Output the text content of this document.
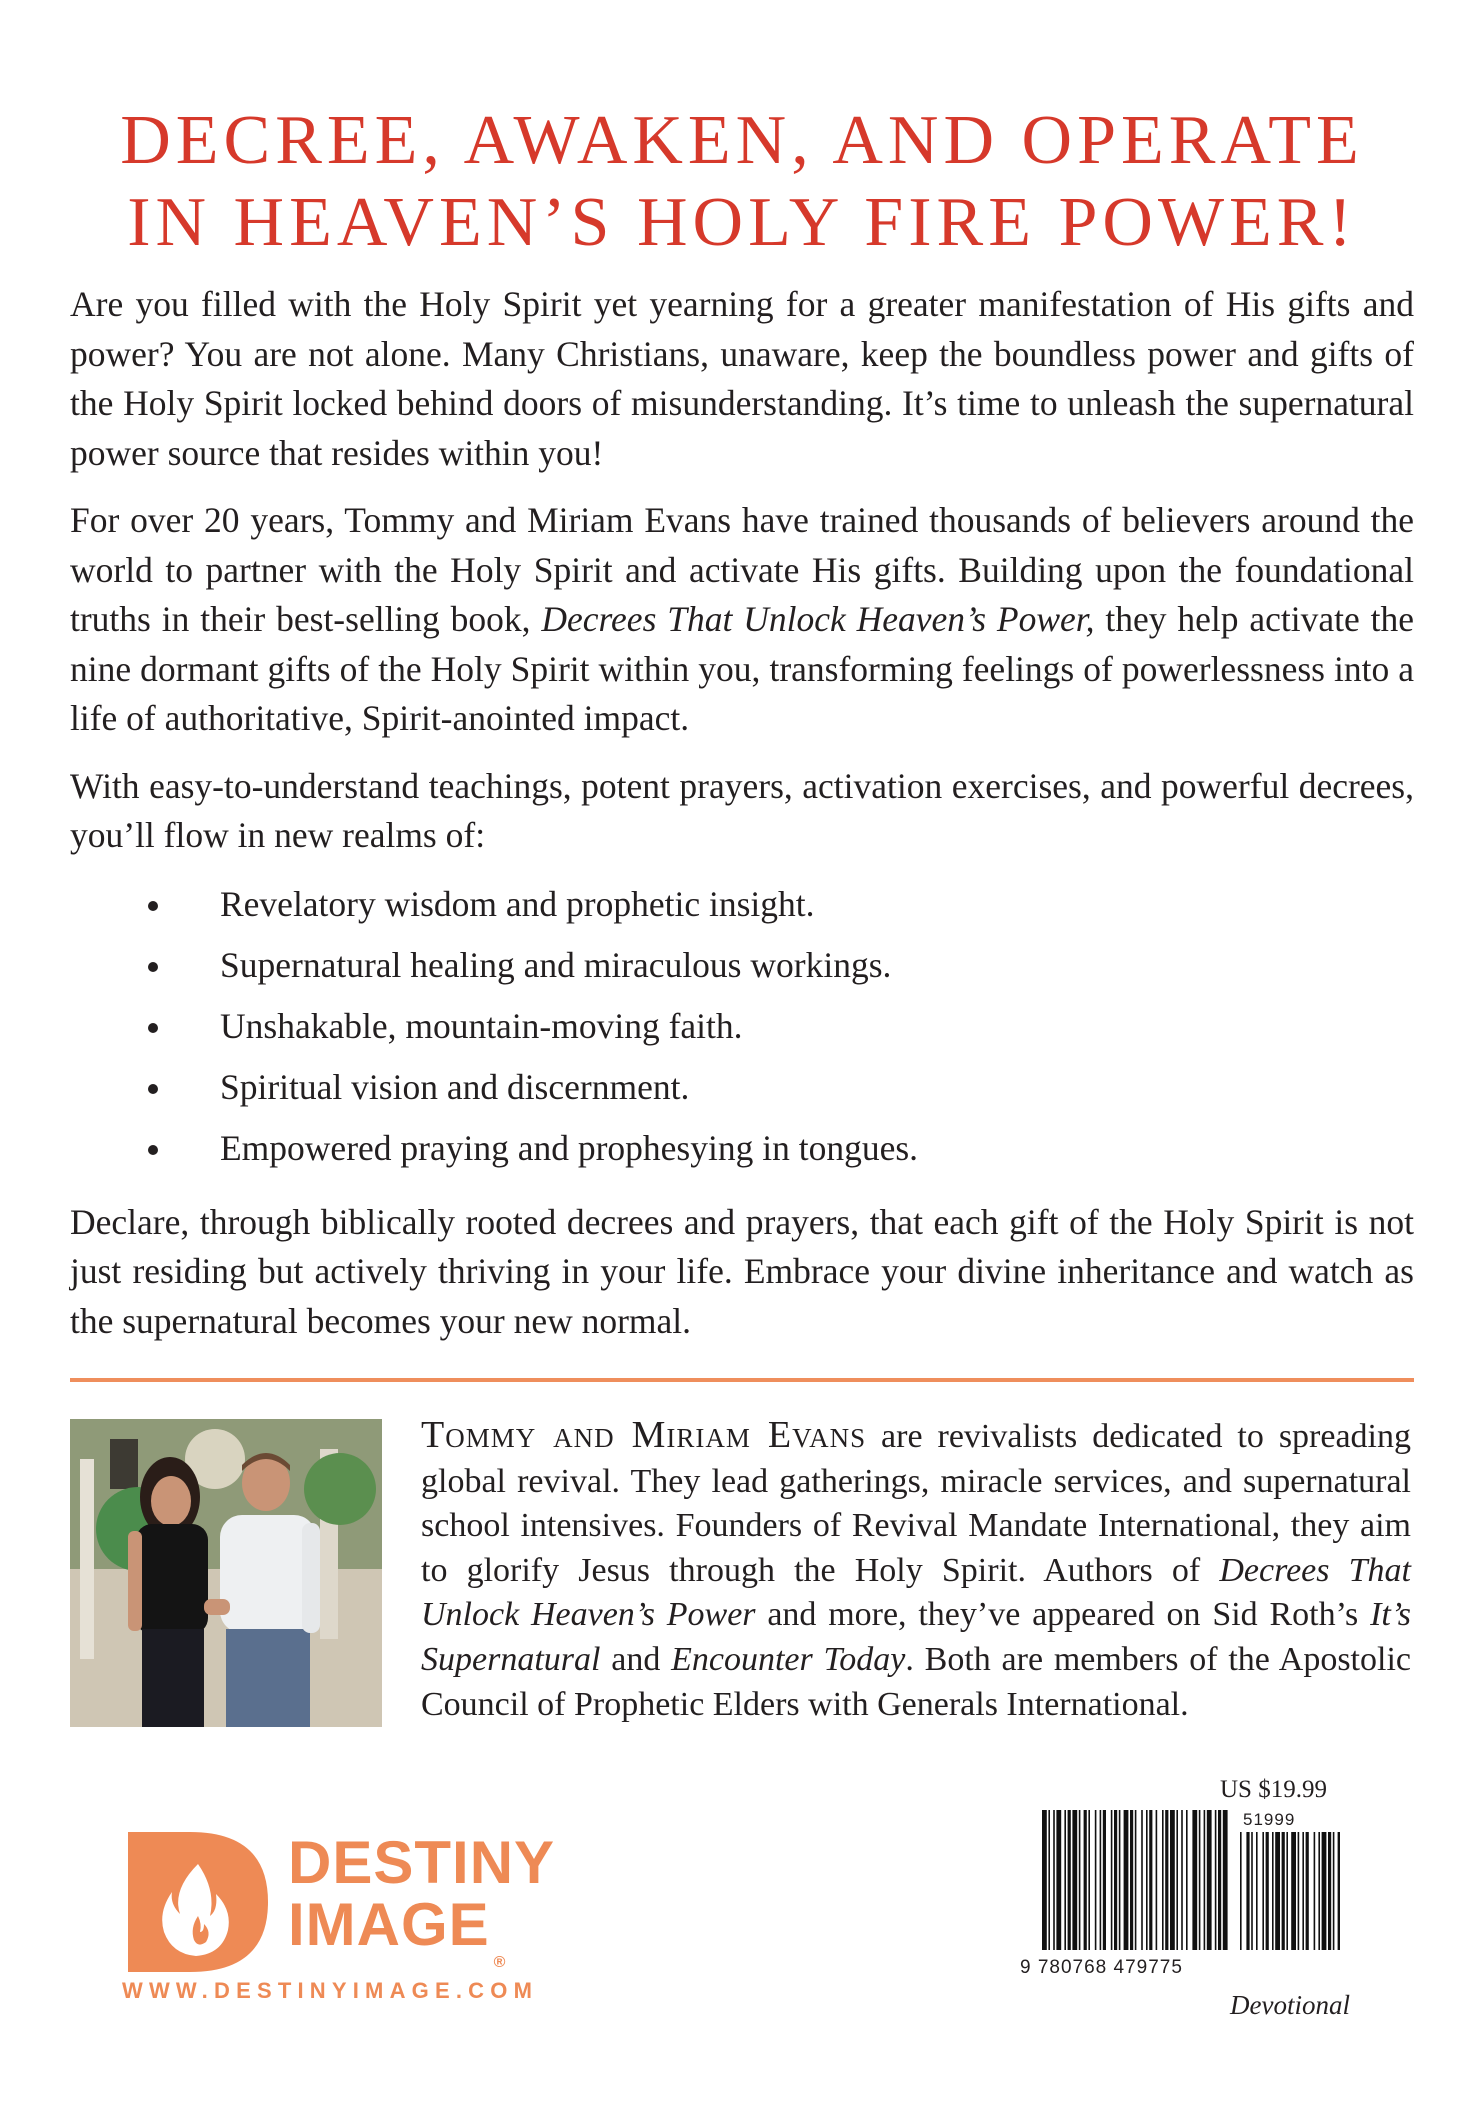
DECREE, AWAKEN, AND OPERATE
IN HEAVEN’S HOLY FIRE POWER!

Are you filled with the Holy Spirit yet yearning for a greater manifestation of His gifts and power? You are not alone. Many Christians, unaware, keep the boundless power and gifts of the Holy Spirit locked behind doors of misunderstanding. It’s time to unleash the supernatural power source that resides within you!

For over 20 years, Tommy and Miriam Evans have trained thousands of believers around the world to partner with the Holy Spirit and activate His gifts. Building upon the foundational truths in their best-selling book, Decrees That Unlock Heaven’s Power, they help activate the nine dormant gifts of the Holy Spirit within you, transforming feelings of powerlessness into a life of authoritative, Spirit-anointed impact.

With easy-to-understand teachings, potent prayers, activation exercises, and powerful decrees, you’ll flow in new realms of:

Revelatory wisdom and prophetic insight.
Supernatural healing and miraculous workings.
Unshakable, mountain-moving faith.
Spiritual vision and discernment.
Empowered praying and prophesying in tongues.

Declare, through biblically rooted decrees and prayers, that each gift of the Holy Spirit is not just residing but actively thriving in your life. Embrace your divine inheritance and watch as the supernatural becomes your new normal.

Tommy and Miriam Evans are revivalists dedicated to spreading global revival. They lead gatherings, miracle services, and supernatural school intensives. Founders of Revival Mandate International, they aim to glorify Jesus through the Holy Spirit. Authors of Decrees That Unlock Heaven’s Power and more, they’ve appeared on Sid Roth’s It’s Supernatural and Encounter Today. Both are members of the Apostolic Council of Prophetic Elders with Generals International.
DESTINY
IMAGE®
WWW.DESTINYIMAGE.COM
US $19.99
51999
9 780768 479775
Devotional
